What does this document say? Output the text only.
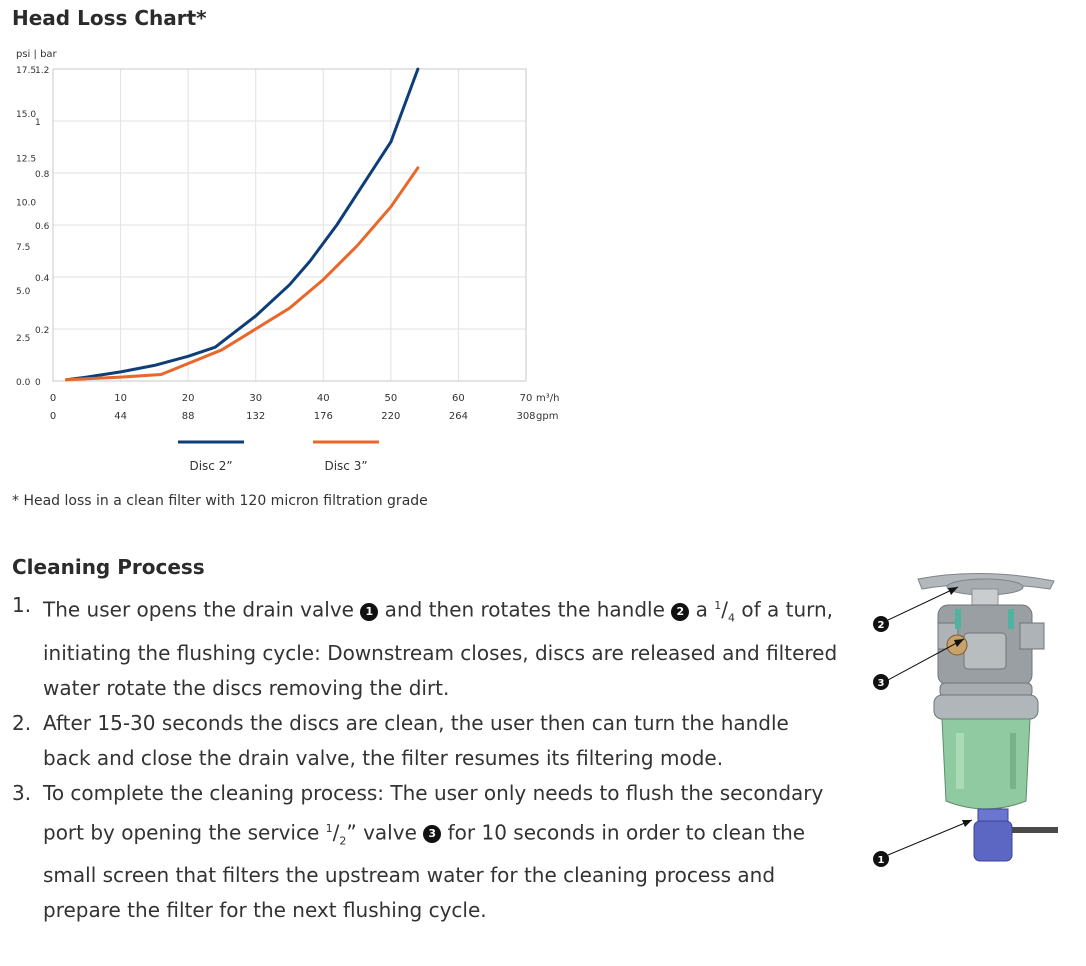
Head Loss Chart*
psi | bar
0
0
10
44
20
88
30
132
40
176
50
220
60
264
70
308
m³/h
gpm
0
0.2
0.4
0.6
0.8
1
1.2
0.0
2.5
5.0
7.5
10.0
12.5
15.0
17.5
Disc 2”	Disc 3”
* Head loss in a clean filter with 120 micron filtration grade
Cleaning Process
1. The user opens the drain valve 1 and then rotates the handle 2 a $^1/_4$ of a turn, initiating the flushing cycle: Downstream closes, discs are released and filtered water rotate the discs removing the dirt.
2. After 15-30 seconds the discs are clean, the user then can turn the handle back and close the drain valve, the filter resumes its filtering mode.
3. To complete the cleaning process: The user only needs to flush the secondary port by opening the service $^1/_2$” valve 3 for 10 seconds in order to clean the small screen that filters the upstream water for the cleaning process and prepare the filter for the next flushing cycle.
2
3
1
